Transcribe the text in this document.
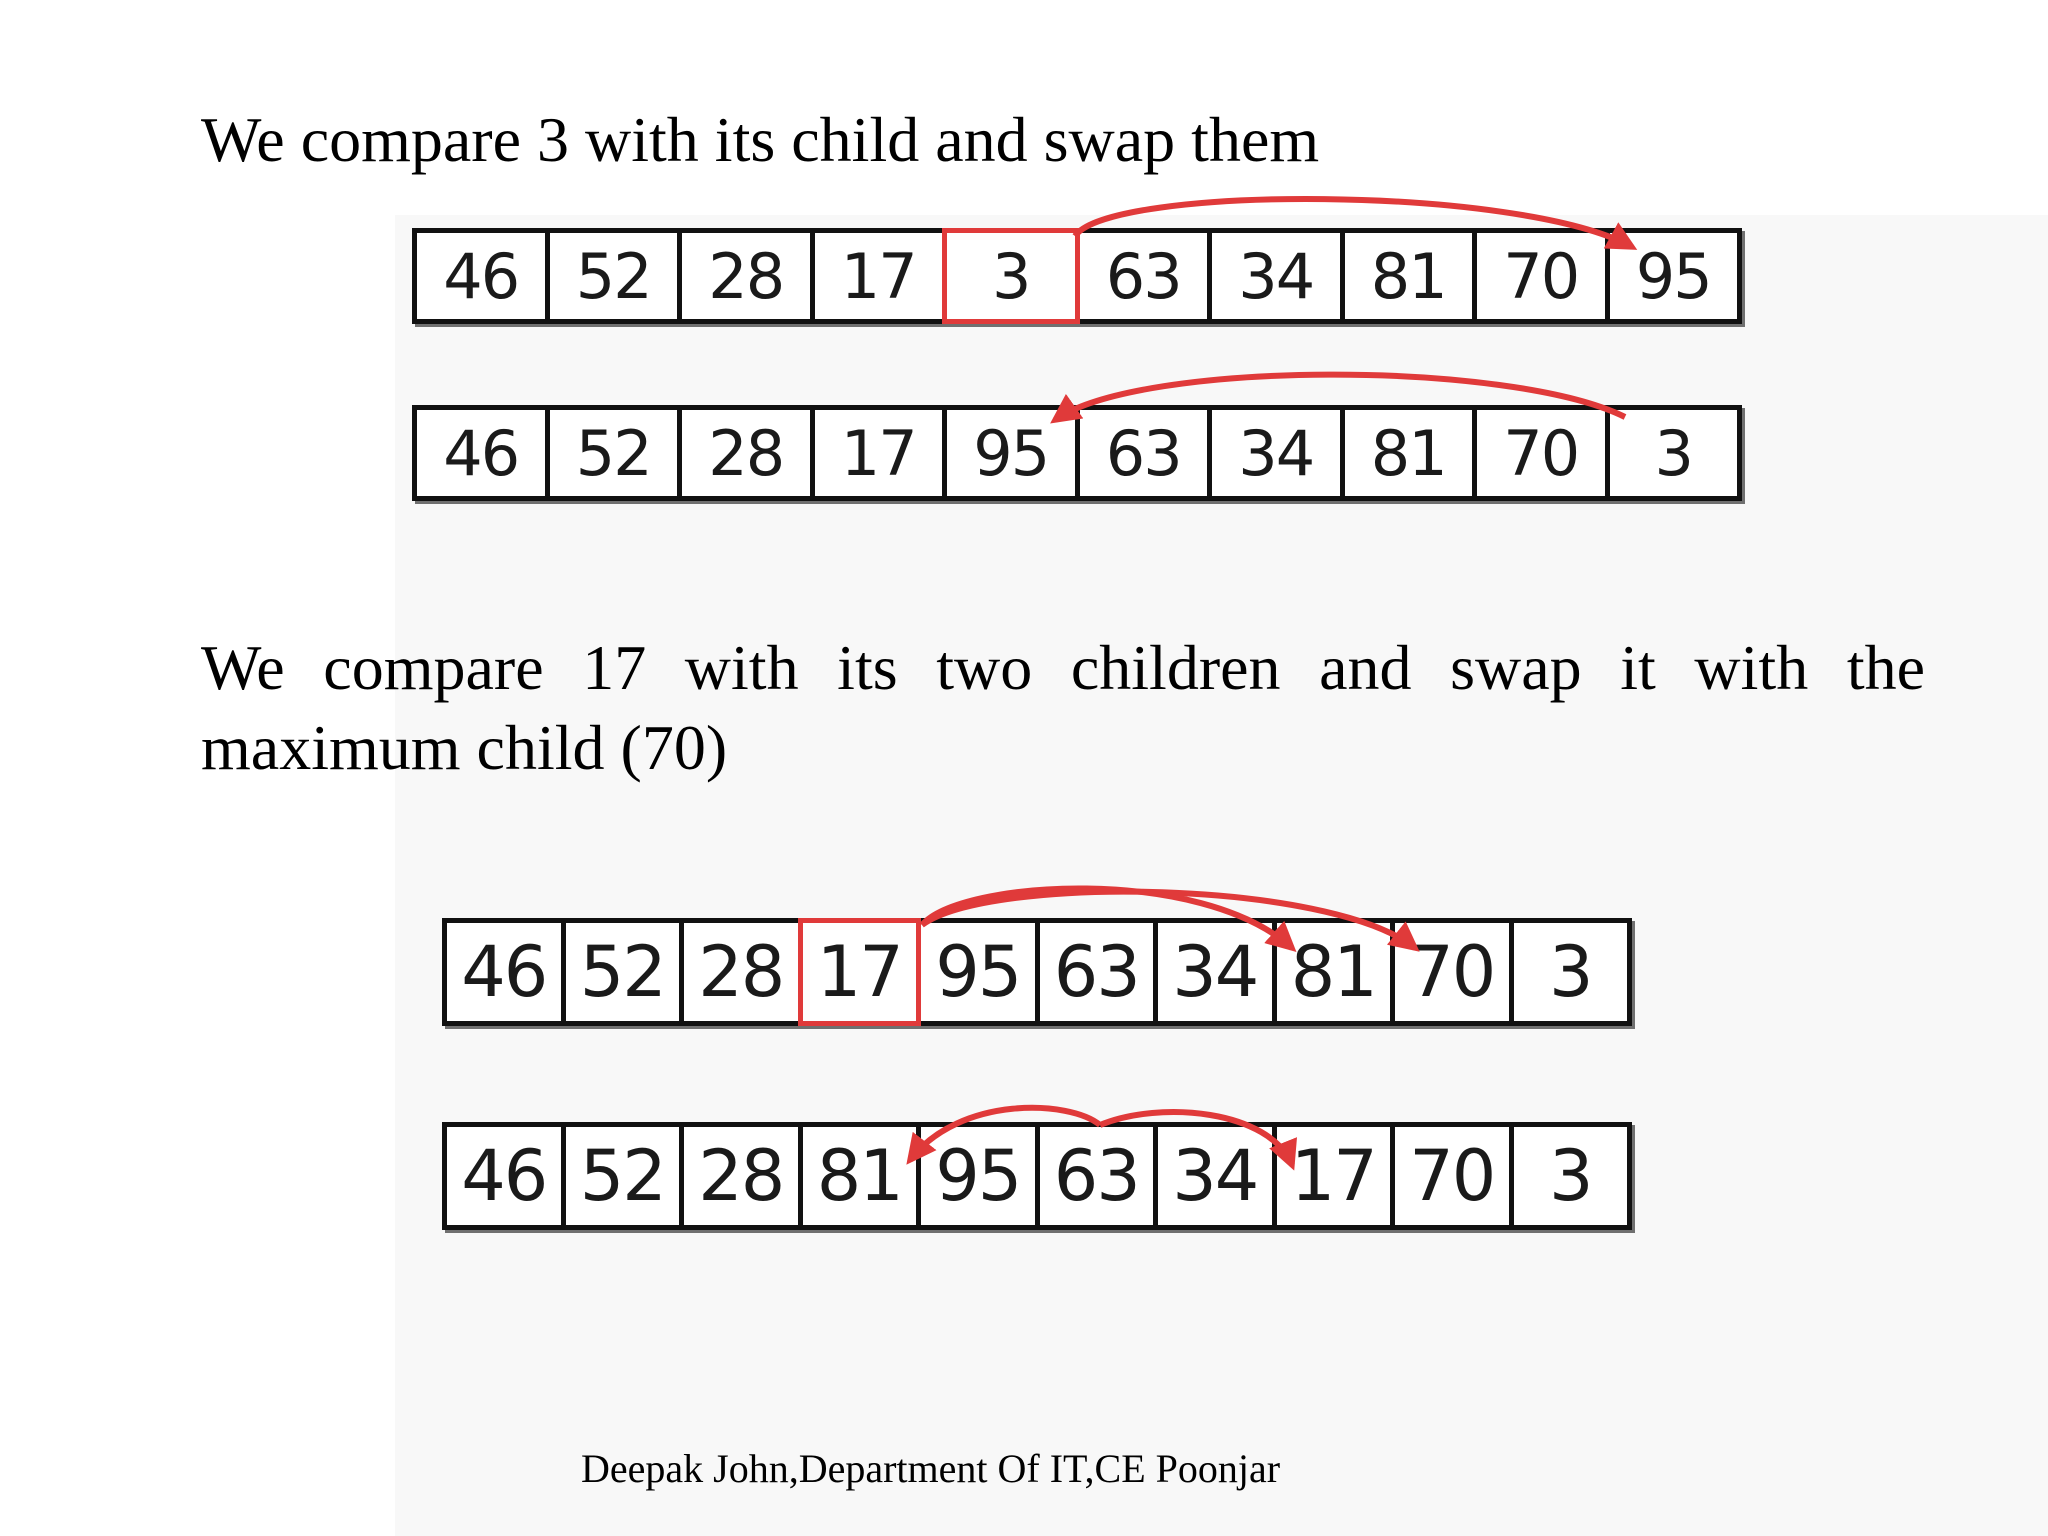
We compare 3 with its child and swap them

46 52 28 17	3	63 34 81 70 95
46 52 28 17 95 63 34 81 70	3

We compare 17 with its two children and swap it with the maximum child (70)

46 52 28 17 95 63 34 81 70 3
46 52 28 81 95 63 34 17 70 3

Deepak John,Department Of IT,CE Poonjar
